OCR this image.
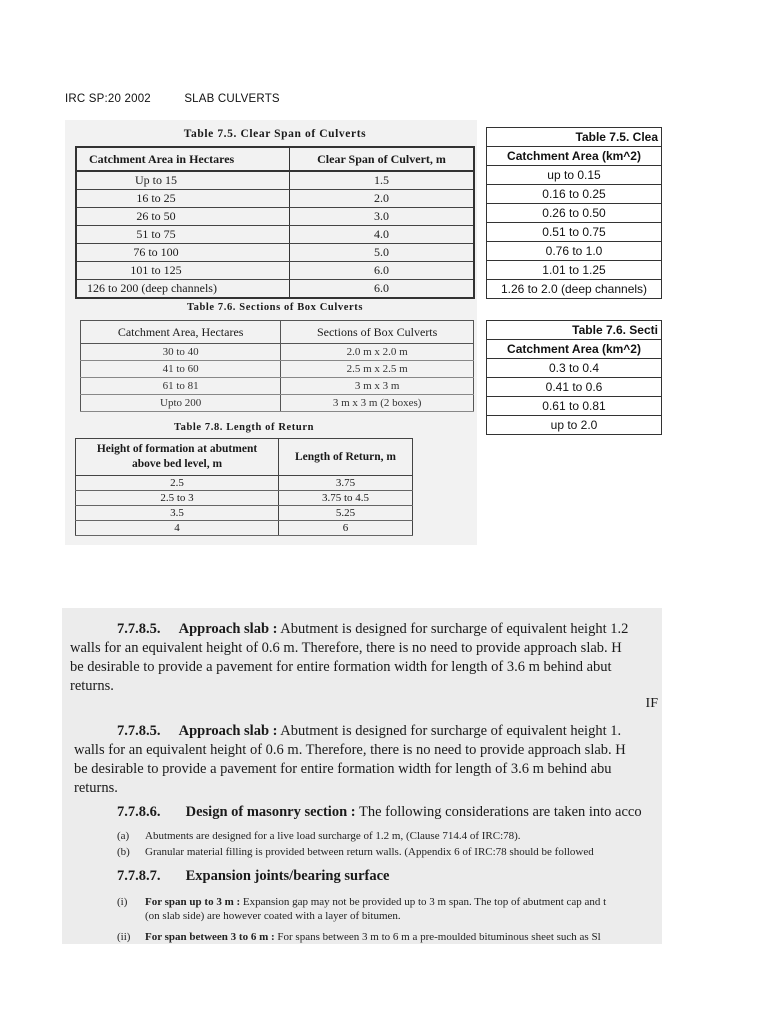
IRC SP:20 2002	SLAB CULVERTS
Table 7.5. Clear Span of Culverts
Catchment Area in Hectares	Clear Span of Culvert, m
Up to 15	1.5
16 to 25	2.0
26 to 50	3.0
51 to 75	4.0
76 to 100	5.0
101 to 125	6.0
126 to 200 (deep channels)	6.0
Table 7.6. Sections of Box Culverts
Catchment Area, Hectares	Sections of Box Culverts
30 to 40	2.0 m x 2.0 m
41 to 60	2.5 m x 2.5 m
61 to 81	3 m x 3 m
Upto 200	3 m x 3 m (2 boxes)
Table 7.8. Length of Return
Height of formation at abutment above bed level, m	Length of Return, m
2.5	3.75
2.5 to 3	3.75 to 4.5
3.5	5.25
4	6
Table 7.5. Clea
Catchment Area (km^2)
up to 0.15
0.16 to 0.25
0.26 to 0.50
0.51 to 0.75
0.76 to 1.0
1.01 to 1.25
1.26 to 2.0 (deep channels)
Table 7.6. Secti
Catchment Area (km^2)
0.3 to 0.4
0.41 to 0.6
0.61 to 0.81
up to 2.0
7.7.8.5. Approach slab : Abutment is designed for surcharge of equivalent height 1.2
walls for an equivalent height of 0.6 m. Therefore, there is no need to provide approach slab. H
be desirable to provide a pavement for entire formation width for length of 3.6 m behind abut
returns.
IF
7.7.8.5. Approach slab : Abutment is designed for surcharge of equivalent height 1.
walls for an equivalent height of 0.6 m. Therefore, there is no need to provide approach slab. H
be desirable to provide a pavement for entire formation width for length of 3.6 m behind abu
returns.
7.7.8.6. Design of masonry section : The following considerations are taken into acco
(a) Abutments are designed for a live load surcharge of 1.2 m, (Clause 714.4 of IRC:78).
(b) Granular material filling is provided between return walls. (Appendix 6 of IRC:78 should be followed
7.7.8.7. Expansion joints/bearing surface
(i) For span up to 3 m : Expansion gap may not be provided up to 3 m span. The top of abutment cap and t
(on slab side) are however coated with a layer of bitumen.
(ii) For span between 3 to 6 m : For spans between 3 m to 6 m a pre-moulded bituminous sheet such as Sl
